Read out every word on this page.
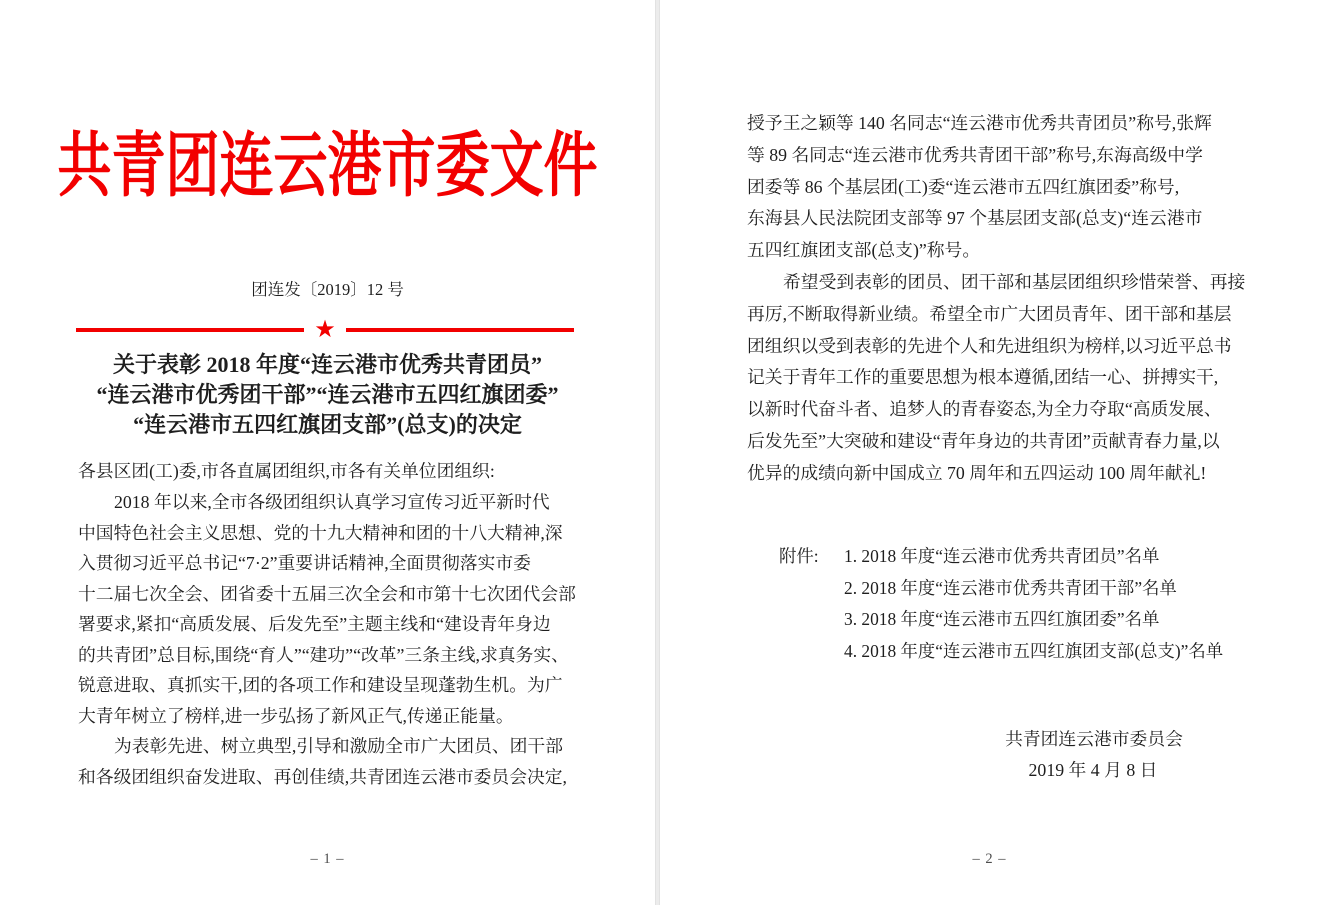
共青团连云港市委文件
团连发〔2019〕12 号
★
关于表彰 2018 年度“连云港市优秀共青团员”
“连云港市优秀团干部”“连云港市五四红旗团委”
“连云港市五四红旗团支部”(总支)的决定
各县区团(工)委,市各直属团组织,市各有关单位团组织:
2018 年以来,全市各级团组织认真学习宣传习近平新时代
中国特色社会主义思想、党的十九大精神和团的十八大精神,深
入贯彻习近平总书记“7·2”重要讲话精神,全面贯彻落实市委
十二届七次全会、团省委十五届三次全会和市第十七次团代会部
署要求,紧扣“高质发展、后发先至”主题主线和“建设青年身边
的共青团”总目标,围绕“育人”“建功”“改革”三条主线,求真务实、
锐意进取、真抓实干,团的各项工作和建设呈现蓬勃生机。为广
大青年树立了榜样,进一步弘扬了新风正气,传递正能量。
为表彰先进、树立典型,引导和激励全市广大团员、团干部
和各级团组织奋发进取、再创佳绩,共青团连云港市委员会决定,
– 1 –
授予王之颖等 140 名同志“连云港市优秀共青团员”称号,张辉
等 89 名同志“连云港市优秀共青团干部”称号,东海高级中学
团委等 86 个基层团(工)委“连云港市五四红旗团委”称号,
东海县人民法院团支部等 97 个基层团支部(总支)“连云港市
五四红旗团支部(总支)”称号。
希望受到表彰的团员、团干部和基层团组织珍惜荣誉、再接
再厉,不断取得新业绩。希望全市广大团员青年、团干部和基层
团组织以受到表彰的先进个人和先进组织为榜样,以习近平总书
记关于青年工作的重要思想为根本遵循,团结一心、拼搏实干,
以新时代奋斗者、追梦人的青春姿态,为全力夺取“高质发展、
后发先至”大突破和建设“青年身边的共青团”贡献青春力量,以
优异的成绩向新中国成立 70 周年和五四运动 100 周年献礼!
附件: 1. 2018 年度“连云港市优秀共青团员”名单
2. 2018 年度“连云港市优秀共青团干部”名单
3. 2018 年度“连云港市五四红旗团委”名单
4. 2018 年度“连云港市五四红旗团支部(总支)”名单
共青团连云港市委员会
2019 年 4 月 8 日
– 2 –
